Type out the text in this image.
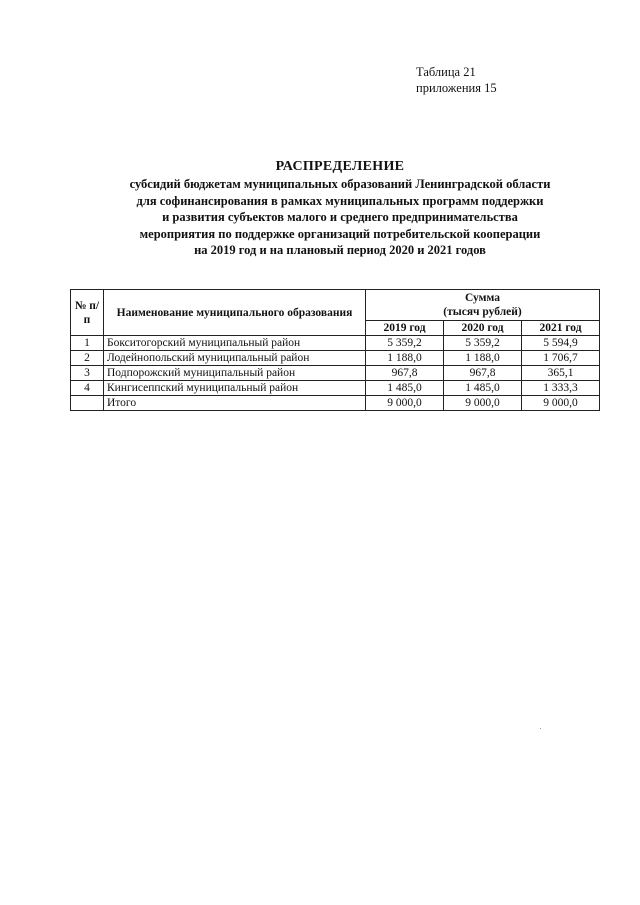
Таблица 21
приложения 15
РАСПРЕДЕЛЕНИЕ
субсидий бюджетам муниципальных образований Ленинградской области
для софинансирования в рамках муниципальных программ поддержки
и развития субъектов малого и среднего предпринимательства
мероприятия по поддержке организаций потребительской кооперации
на 2019 год и на плановый период 2020 и 2021 годов
№ п/п	Наименование муниципального образования	Сумма
(тысяч рублей)		

		2019 год	2020 год	2021 год
1	Бокситогорский муниципальный район	5 359,2	5 359,2	5 594,9
2	Лодейнопольский муниципальный район	1 188,0	1 188,0	1 706,7
3	Подпорожский муниципальный район	967,8	967,8	365,1
4	Кингисеппский муниципальный район	1 485,0	1 485,0	1 333,3
	Итого	9 000,0	9 000,0	9 000,0
